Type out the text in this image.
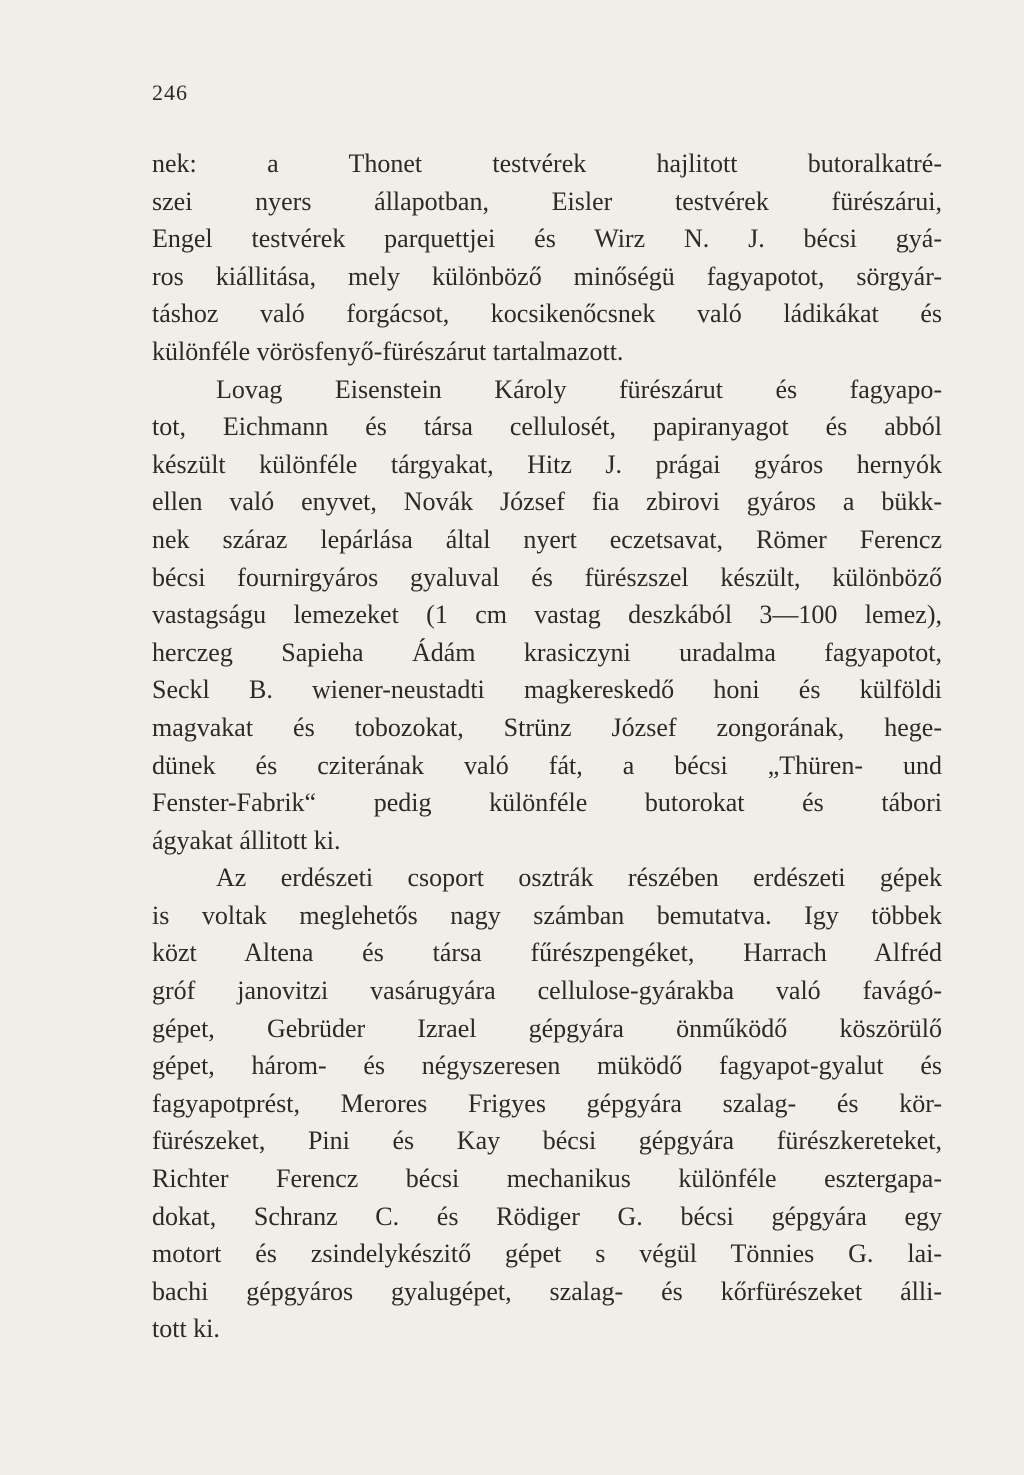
246
nek: a Thonet testvérek hajlitott butoralkatré-
szei nyers állapotban, Eisler testvérek fürészárui,
Engel testvérek parquettjei és Wirz N. J. bécsi gyá-
ros kiállitása, mely különböző minőségü fagyapotot, sörgyár-
táshoz való forgácsot, kocsikenőcsnek való ládikákat és
különféle vörösfenyő-fürészárut tartalmazott.
Lovag Eisenstein Károly fürészárut és fagyapo-
tot, Eichmann és társa cellulosét, papiranyagot és abból
készült különféle tárgyakat, Hitz J. prágai gyáros hernyók
ellen való enyvet, Novák József fia zbirovi gyáros a bükk-
nek száraz lepárlása által nyert eczetsavat, Römer Ferencz
bécsi fournirgyáros gyaluval és fürészszel készült, különböző
vastagságu lemezeket (1 cm vastag deszkából 3—100 lemez),
herczeg Sapieha Ádám krasiczyni uradalma fagyapotot,
Seckl B. wiener-neustadti magkereskedő honi és külföldi
magvakat és tobozokat, Strünz József zongorának, hege-
dünek és cziterának való fát, a bécsi „Thüren- und
Fenster-Fabrik“ pedig különféle butorokat és tábori
ágyakat állitott ki.
Az erdészeti csoport osztrák részében erdészeti gépek
is voltak meglehetős nagy számban bemutatva. Igy többek
közt Altena és társa fűrészpengéket, Harrach Alfréd
gróf janovitzi vasárugyára cellulose-gyárakba való favágó-
gépet, Gebrüder Izrael gépgyára önműködő köszörülő
gépet, három- és négyszeresen müködő fagyapot-gyalut és
fagyapotprést, Merores Frigyes gépgyára szalag- és kör-
fürészeket, Pini és Kay bécsi gépgyára fürészkereteket,
Richter Ferencz bécsi mechanikus különféle esztergapa-
dokat, Schranz C. és Rödiger G. bécsi gépgyára egy
motort és zsindelykészitő gépet s végül Tönnies G. lai-
bachi gépgyáros gyalugépet, szalag- és kőrfürészeket álli-
tott ki.
